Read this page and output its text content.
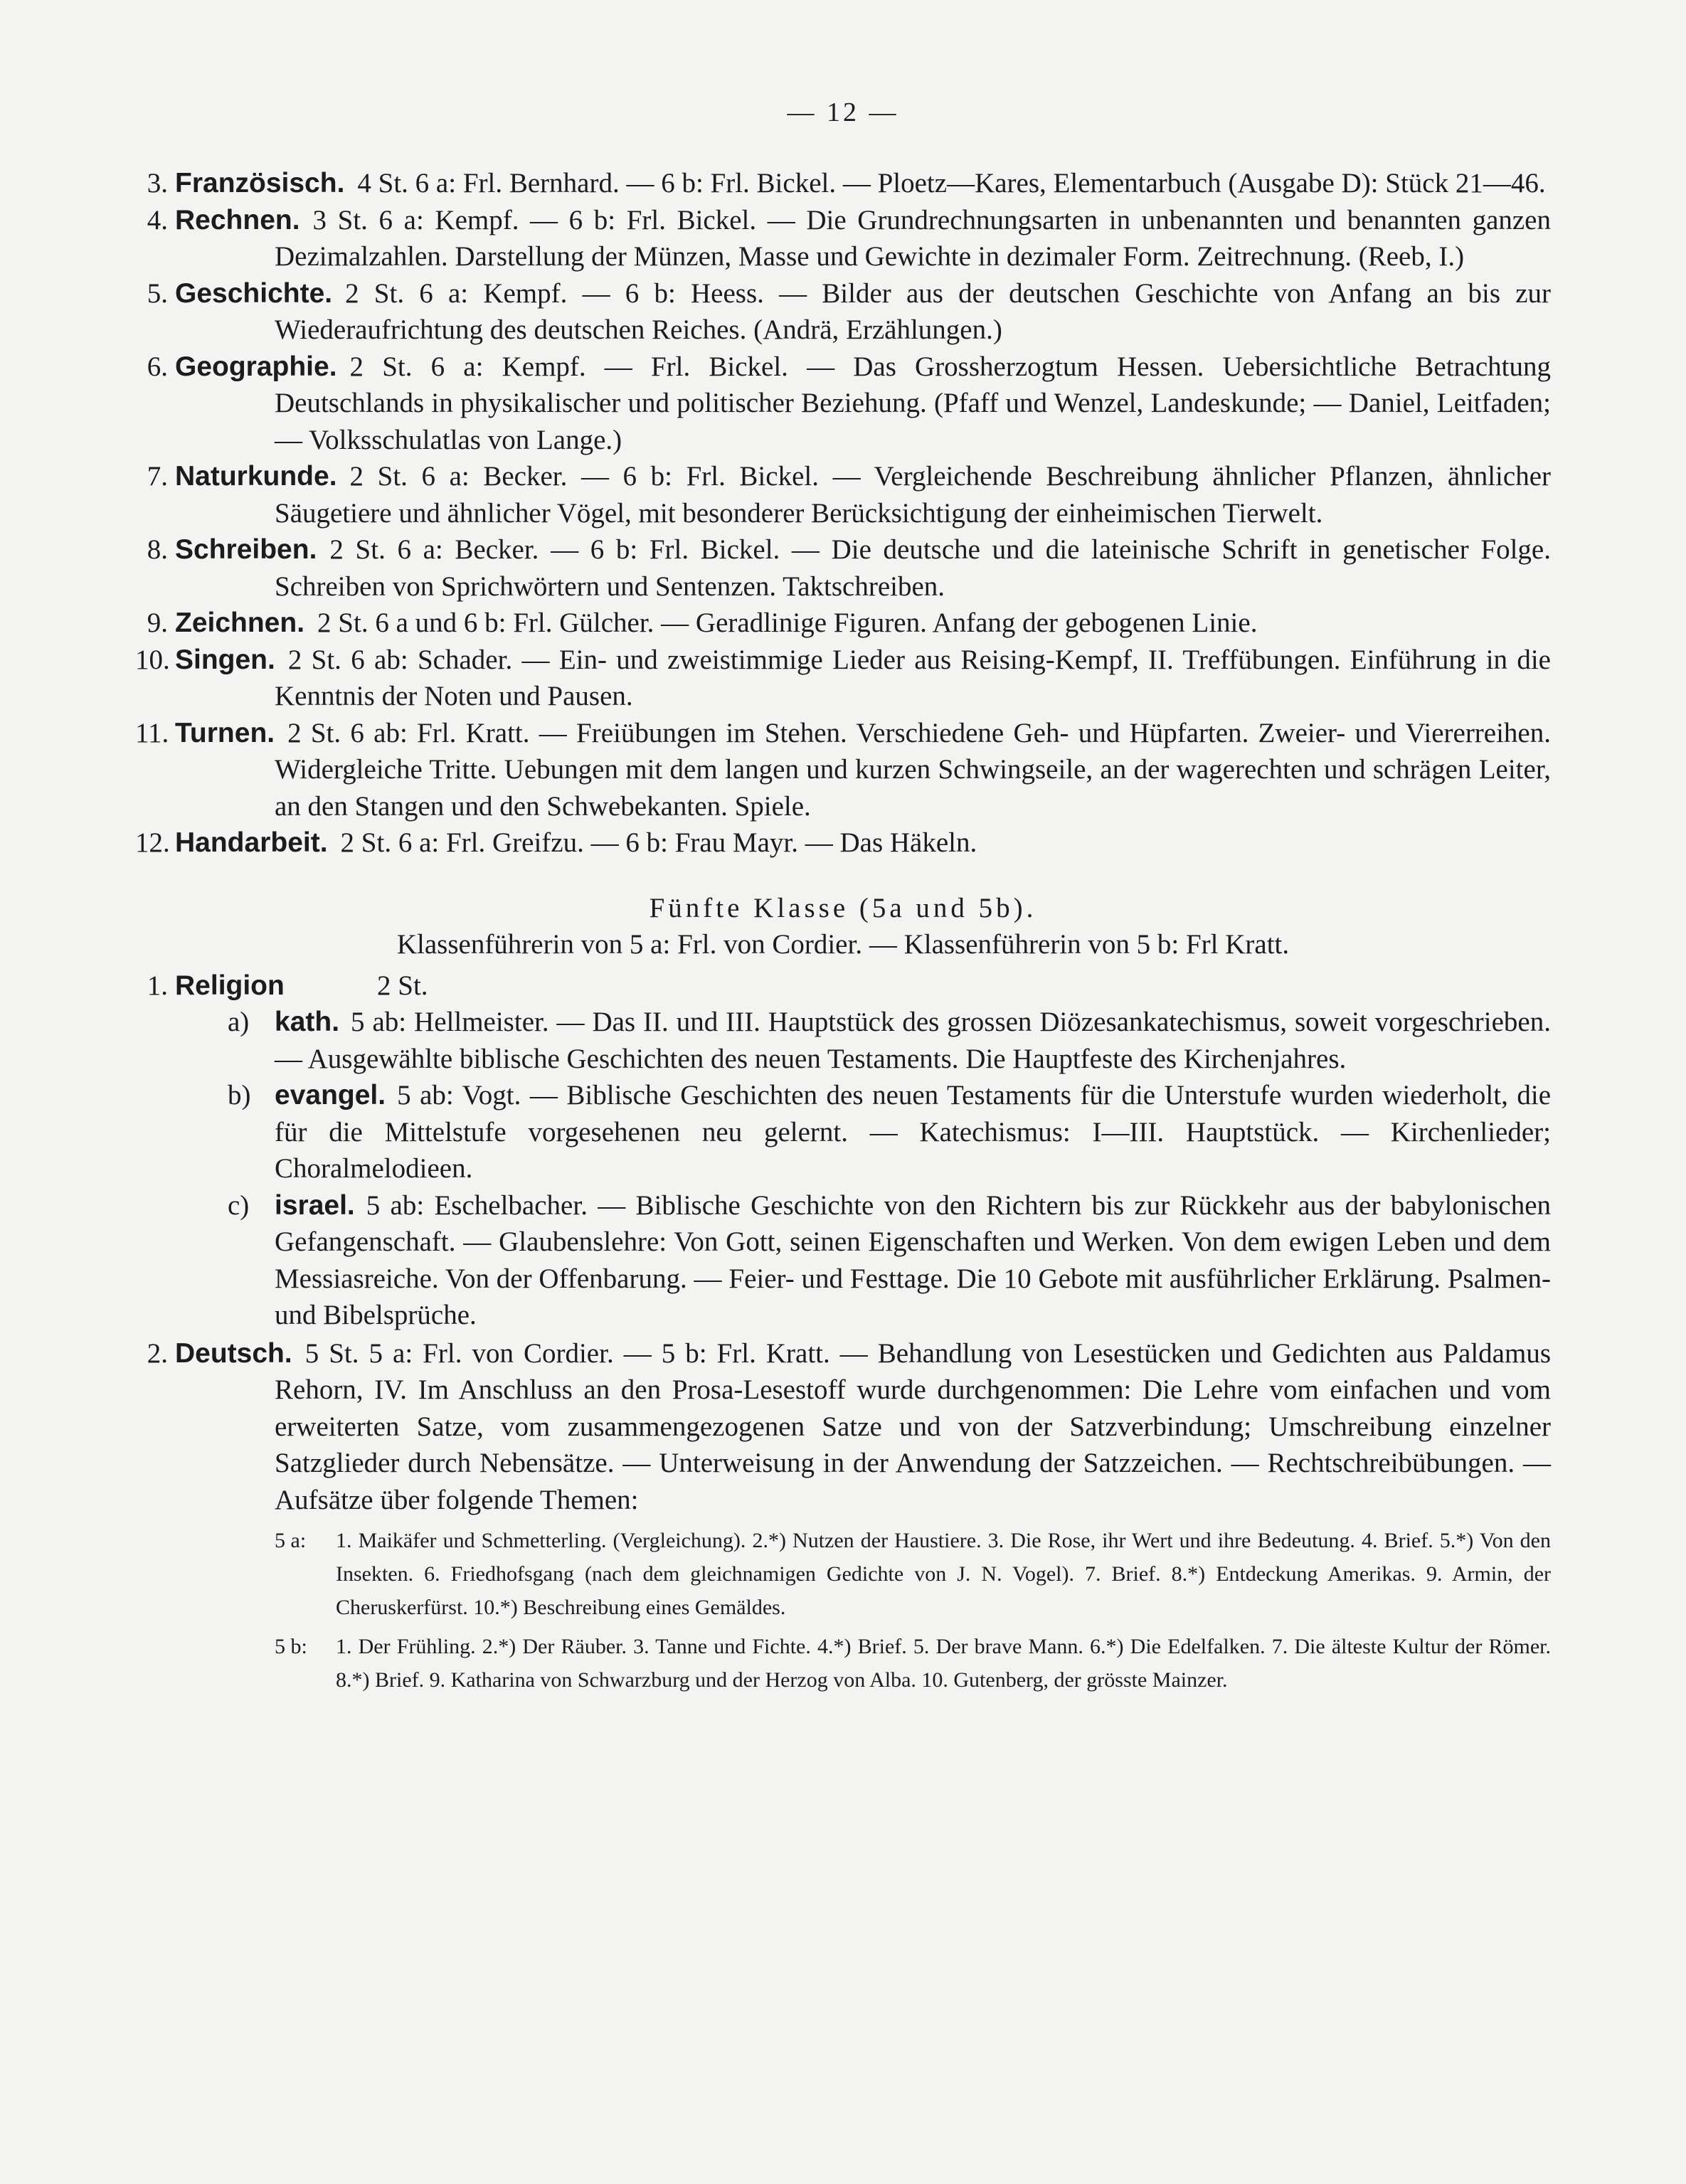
— 12 —
3. Französisch. 4 St. 6 a: Frl. Bernhard. — 6 b: Frl. Bickel. — Ploetz—Kares, Elementarbuch (Ausgabe D): Stück 21—46.
4. Rechnen. 3 St. 6 a: Kempf. — 6 b: Frl. Bickel. — Die Grundrechnungsarten in unbenannten und benannten ganzen Dezimalzahlen. Darstellung der Münzen, Masse und Gewichte in dezimaler Form. Zeitrechnung. (Reeb, I.)
5. Geschichte. 2 St. 6 a: Kempf. — 6 b: Heess. — Bilder aus der deutschen Geschichte von Anfang an bis zur Wiederaufrichtung des deutschen Reiches. (Andrä, Erzählungen.)
6. Geographie. 2 St. 6 a: Kempf. — Frl. Bickel. — Das Grossherzogtum Hessen. Uebersichtliche Betrachtung Deutschlands in physikalischer und politischer Beziehung. (Pfaff und Wenzel, Landeskunde; — Daniel, Leitfaden; — Volksschulatlas von Lange.)
7. Naturkunde. 2 St. 6 a: Becker. — 6 b: Frl. Bickel. — Vergleichende Beschreibung ähnlicher Pflanzen, ähnlicher Säugetiere und ähnlicher Vögel, mit besonderer Berücksichtigung der einheimischen Tierwelt.
8. Schreiben. 2 St. 6 a: Becker. — 6 b: Frl. Bickel. — Die deutsche und die lateinische Schrift in genetischer Folge. Schreiben von Sprichwörtern und Sentenzen. Taktschreiben.
9. Zeichnen. 2 St. 6 a und 6 b: Frl. Gülcher. — Geradlinige Figuren. Anfang der gebogenen Linie.
10. Singen. 2 St. 6 ab: Schader. — Ein- und zweistimmige Lieder aus Reising-Kempf, II. Treffübungen. Einführung in die Kenntnis der Noten und Pausen.
11. Turnen. 2 St. 6 ab: Frl. Kratt. — Freiübungen im Stehen. Verschiedene Geh- und Hüpfarten. Zweier- und Viererreihen. Widergleiche Tritte. Uebungen mit dem langen und kurzen Schwingseile, an der wagerechten und schrägen Leiter, an den Stangen und den Schwebekanten. Spiele.
12. Handarbeit. 2 St. 6 a: Frl. Greifzu. — 6 b: Frau Mayr. — Das Häkeln.
Fünfte Klasse (5a und 5b).
Klassenführerin von 5 a: Frl. von Cordier. — Klassenführerin von 5 b: Frl Kratt.
1. Religion	2 St.
a) kath. 5 ab: Hellmeister. — Das II. und III. Hauptstück des grossen Diözesankatechismus, soweit vorgeschrieben. — Ausgewählte biblische Geschichten des neuen Testaments. Die Hauptfeste des Kirchenjahres.
b) evangel. 5 ab: Vogt. — Biblische Geschichten des neuen Testaments für die Unterstufe wurden wiederholt, die für die Mittelstufe vorgesehenen neu gelernt. — Katechismus: I—III. Hauptstück. — Kirchenlieder; Choralmelodieen.
c) israel. 5 ab: Eschelbacher. — Biblische Geschichte von den Richtern bis zur Rückkehr aus der babylonischen Gefangenschaft. — Glaubenslehre: Von Gott, seinen Eigenschaften und Werken. Von dem ewigen Leben und dem Messiasreiche. Von der Offenbarung. — Feier- und Festtage. Die 10 Gebote mit ausführlicher Erklärung. Psalmen- und Bibelsprüche.
2. Deutsch. 5 St. 5 a: Frl. von Cordier. — 5 b: Frl. Kratt. — Behandlung von Lesestücken und Gedichten aus Paldamus Rehorn, IV. Im Anschluss an den Prosa-Lesestoff wurde durchgenommen: Die Lehre vom einfachen und vom erweiterten Satze, vom zusammengezogenen Satze und von der Satzverbindung; Umschreibung einzelner Satzglieder durch Nebensätze. — Unterweisung in der Anwendung der Satzzeichen. — Rechtschreibübungen. — Aufsätze über folgende Themen:
5 a: 1. Maikäfer und Schmetterling. (Vergleichung). 2.*) Nutzen der Haustiere. 3. Die Rose, ihr Wert und ihre Bedeutung. 4. Brief. 5.*) Von den Insekten. 6. Friedhofsgang (nach dem gleichnamigen Gedichte von J. N. Vogel). 7. Brief. 8.*) Entdeckung Amerikas. 9. Armin, der Cheruskerfürst. 10.*) Beschreibung eines Gemäldes.
5 b: 1. Der Frühling. 2.*) Der Räuber. 3. Tanne und Fichte. 4.*) Brief. 5. Der brave Mann. 6.*) Die Edelfalken. 7. Die älteste Kultur der Römer. 8.*) Brief. 9. Katharina von Schwarzburg und der Herzog von Alba. 10. Gutenberg, der grösste Mainzer.
